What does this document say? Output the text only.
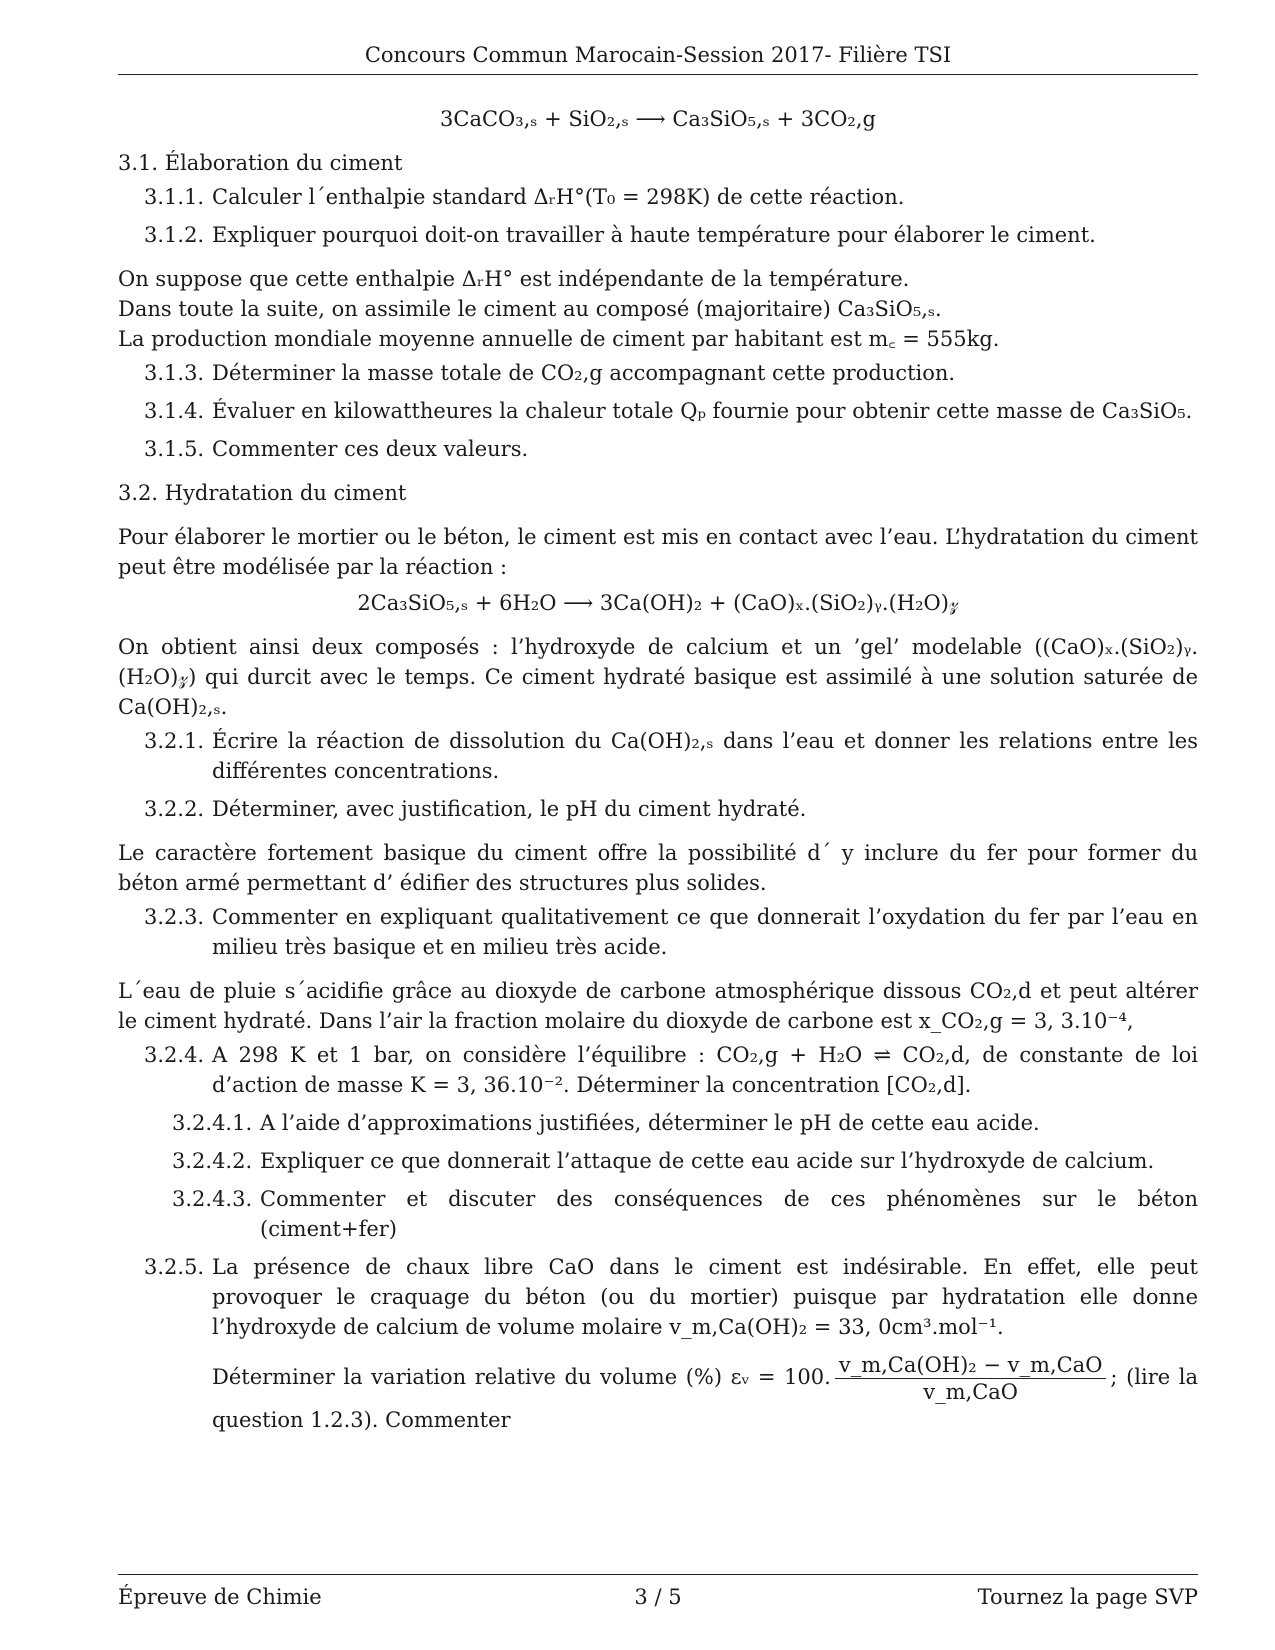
Concours Commun Marocain-Session 2017- Filière TSI
3CaCO₃,ₛ + SiO₂,ₛ ⟶ Ca₃SiO₅,ₛ + 3CO₂,g
3.1. Élaboration du ciment
3.1.1. Calculer l´enthalpie standard ΔᵣH°(T₀ = 298K) de cette réaction.
3.1.2. Expliquer pourquoi doit-on travailler à haute température pour élaborer le ciment.
On suppose que cette enthalpie ΔᵣH° est indépendante de la température.
Dans toute la suite, on assimile le ciment au composé (majoritaire) Ca₃SiO₅,ₛ.
La production mondiale moyenne annuelle de ciment par habitant est m꜀ = 555kg.
3.1.3. Déterminer la masse totale de CO₂,g accompagnant cette production.
3.1.4. Évaluer en kilowattheures la chaleur totale Qₚ fournie pour obtenir cette masse de Ca₃SiO₅.
3.1.5. Commenter ces deux valeurs.
3.2. Hydratation du ciment
Pour élaborer le mortier ou le béton, le ciment est mis en contact avec l’eau. L’hydratation du ciment peut être modélisée par la réaction :
2Ca₃SiO₅,ₛ + 6H₂O ⟶ 3Ca(OH)₂ + (CaO)ₓ.(SiO₂)ᵧ.(H₂O)𝓏
On obtient ainsi deux composés : l’hydroxyde de calcium et un ’gel’ modelable ((CaO)ₓ.(SiO₂)ᵧ.(H₂O)𝓏) qui durcit avec le temps. Ce ciment hydraté basique est assimilé à une solution saturée de Ca(OH)₂,ₛ.
3.2.1. Écrire la réaction de dissolution du Ca(OH)₂,ₛ dans l’eau et donner les relations entre les différentes concentrations.
3.2.2. Déterminer, avec justification, le pH du ciment hydraté.
Le caractère fortement basique du ciment offre la possibilité d´ y inclure du fer pour former du béton armé permettant d’ édifier des structures plus solides.
3.2.3. Commenter en expliquant qualitativement ce que donnerait l’oxydation du fer par l’eau en milieu très basique et en milieu très acide.
L´eau de pluie s´acidifie grâce au dioxyde de carbone atmosphérique dissous CO₂,d et peut altérer le ciment hydraté. Dans l’air la fraction molaire du dioxyde de carbone est x_CO₂,g = 3, 3.10⁻⁴,
3.2.4. A 298 K et 1 bar, on considère l’équilibre : CO₂,g + H₂O ⇌ CO₂,d, de constante de loi d’action de masse K = 3, 36.10⁻². Déterminer la concentration [CO₂,d].
3.2.4.1. A l’aide d’approximations justifiées, déterminer le pH de cette eau acide.
3.2.4.2. Expliquer ce que donnerait l’attaque de cette eau acide sur l’hydroxyde de calcium.
3.2.4.3. Commenter et discuter des conséquences de ces phénomènes sur le béton (ciment+fer)
3.2.5. La présence de chaux libre CaO dans le ciment est indésirable. En effet, elle peut provoquer le craquage du béton (ou du mortier) puisque par hydratation elle donne l’hydroxyde de calcium de volume molaire v_m,Ca(OH)₂ = 33, 0cm³.mol⁻¹.
Déterminer la variation relative du volume (%) εᵥ = 100. $\frac{\text{v\_m,Ca(OH)₂ − v\_m,CaO}}{\text{v\_m,CaO}}$ ; (lire la question 1.2.3). Commenter
Épreuve de Chimie	3 / 5	Tournez la page SVP
